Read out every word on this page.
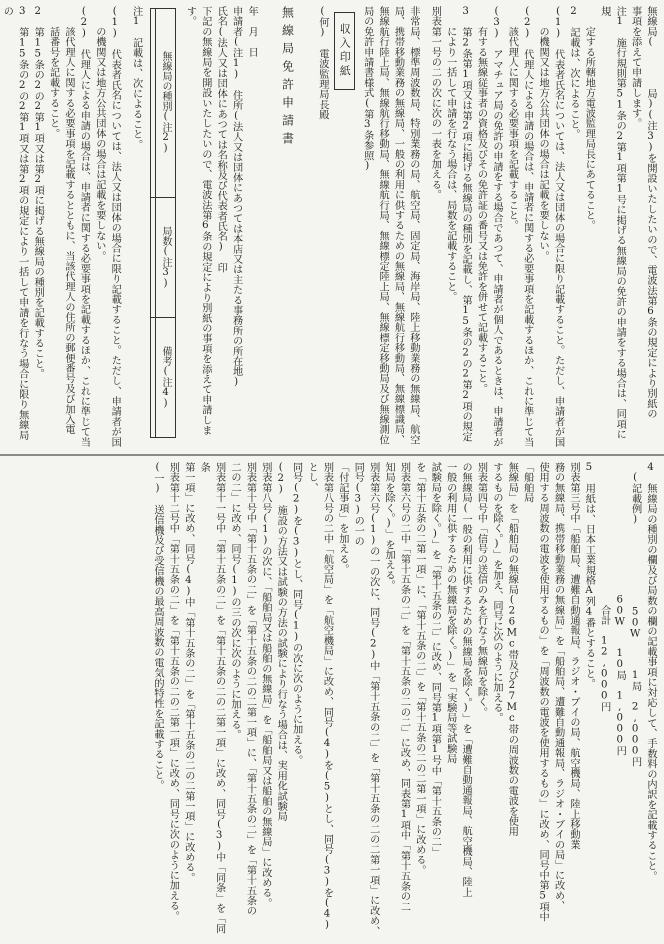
無線局(　　　　局)(注3)を開設いたしたいので、電波法第6条の規定により別紙の
事項を添えて申請します。
注1　施行規則第51条の2第1項第1号に掲げる無線局の免許の申請をする場合は、同項に規
　　定する所轄地方電波監理局長にあてること。
2　記載は、次によること。
(1)　代表者氏名については、法人又は団体の場合に限り記載すること。ただし、申請者が国
　　の機関又は地方公共団体の場合は記載を要しない。
(2)　代理人による申請の場合は、申請者に関する必要事項を記載するほか、これに準じて当
　　該代理人に関する必要事項を記載すること。
(3)　アマチュア局の免許の申請をする場合であつて、申請者が個人であるときは、申請者が
　　有する無線従事者の資格及びその免許証の番号又は免許を併せて記載すること。
3　第2条第1項又は第2項に掲げる無線局の種別を記載し、第15条の2の2第2項の規定
　　により一括して申請を行なう場合は、局数を記載すること。
別表第一号の二の次に次の一表を加える。
非常局、標準周波数局、特別業務の局、航空局、固定局、海岸局、陸上移動業務の無線局、航空局、携帯移動業務の無線局、一般の利用に供するための無線局、無線航行移動局、無線標識局、無線航行陸上局、無線航行移動局、無線航行局、無線標定陸上局、無線標定移動局及び無線測位局の免許申請書様式(第3条参照)
収入印紙
(何)　電波監理局長殿
無線局免許申請書
年　月　日
申請者(注1)　住所(法人又は団体にあつては本店又は主たる事務所の所在地)
氏名(法人又は団体にあつては名称及び代表者氏名)　印
下記の無線局を開設いたしたいので、電波法第6条の規定により別紙の事項を添えて申請します。
無線局の種別(注2)	局数(注3)	備考(注4)

注1　記載は、次によること。
(1)　代表者氏名については、法人又は団体の場合に限り記載すること。ただし、申請者が国
　　の機関又は地方公共団体の場合は記載を要しない。
(2)　代理人による申請の場合は、申請者に関する必要事項を記載するほか、これに準じて当
　　該代理人に関する必要事項を記載するとともに、当該代理人の住所の郵便番号及び加入電
　　話番号を記載すること。
2　第15条の2の2第1項又は第2項に掲げる無線局の種別を記載すること。
3　第15条の2の2第1項又は第2項の規定により一括して申請を行なう場合に限り無線局の
4　無線局の種別の欄及び局数の欄の記載事項に対応して、手数料の内訳を記載すること。
　(記載例)　　　　　　　　50W　　　1局　2,000円
　　　　　　　　　　　　　60W　　10局　1,000円
　　　　　　　　　　　　　　合計　12,000円
5　用紙は、日本工業規格A列4番とすること。
別表第三号中「船舶局、遭難自動通報局、ラジオ・ブイの局、航空機局、陸上移動業
務の無線局、携帯移動業務の無線局」を「船舶局、遭難自動通報局、ラジオ・ブイの局」に改め、
使用する周波数の電波を使用するもの」を「周波数の電波を使用するもの」に改め、同号中第5項中「船舶局
無線局」を「船舶局の無線局(26Mc帯及び27Mc帯の周波数の電波を使用
するものを除く。)」を加え、同号に次のように加える。
別表第四号中「信号の送信のみを行なう無線局を除く。
の無線局(一般の利用に供するための無線局を除く。)」を「遭難自動通報局、航空機局、陸上
一般の利用に供するための無線局を除く。)」を「実験局等試験局
試験局を除く。)」を「第十五条の二」に改め、同号第1項第1号中「第十五条の二」
を「第十五条の二第一項」に、「第十五条の二」を「第十五条の二の二第一項」に改める。
別表第六号の二中「第十五条の二」を「第十五条の二の二」に改め、同表第1項中「第十五条の二
知局を除く。)」を加える。
別表第六号(1)の一の次に、同号(2)中「第十五条の二」を「第十五条の二の二第一項」に改め、同号(3)の一の
「付記事項」を加える。
別表第八号の二中「航空局」を「航空機局」に改め、同号(4)を(5)とし、同号(3)を(4)とし、
同号(2)を(3)とし、同号(1)の次に次のように加える。
(2)　施設の方法又は試験の方法の試験により行なう場合は、実用化試験局
別表第八号(1)の次に、「船舶局又は船舶の無線局」を「船舶局又は船舶の無線局」に改める。
別表第十号中「第十五条の二」を「第十五条の二の二第一項」に、「第十五条の二」を「第十五条の
二の二」に改め、同号(1)の三の次に次のように加える。
別表第十一号中「第十五条の二」を「第十五条の二の二第一項」に改め、同号(3)中「同条」を「同条
第一項」に改め、同号(4)中「第十五条の二」を「第十五条の二の二第一項」に改める。
別表第十二号中「第十五条の二」を「第十五条の二の二第一項」に改め、同号に次のように加える。
(一)　送信機及び受信機の最高周波数の電気的特性を記載すること。
